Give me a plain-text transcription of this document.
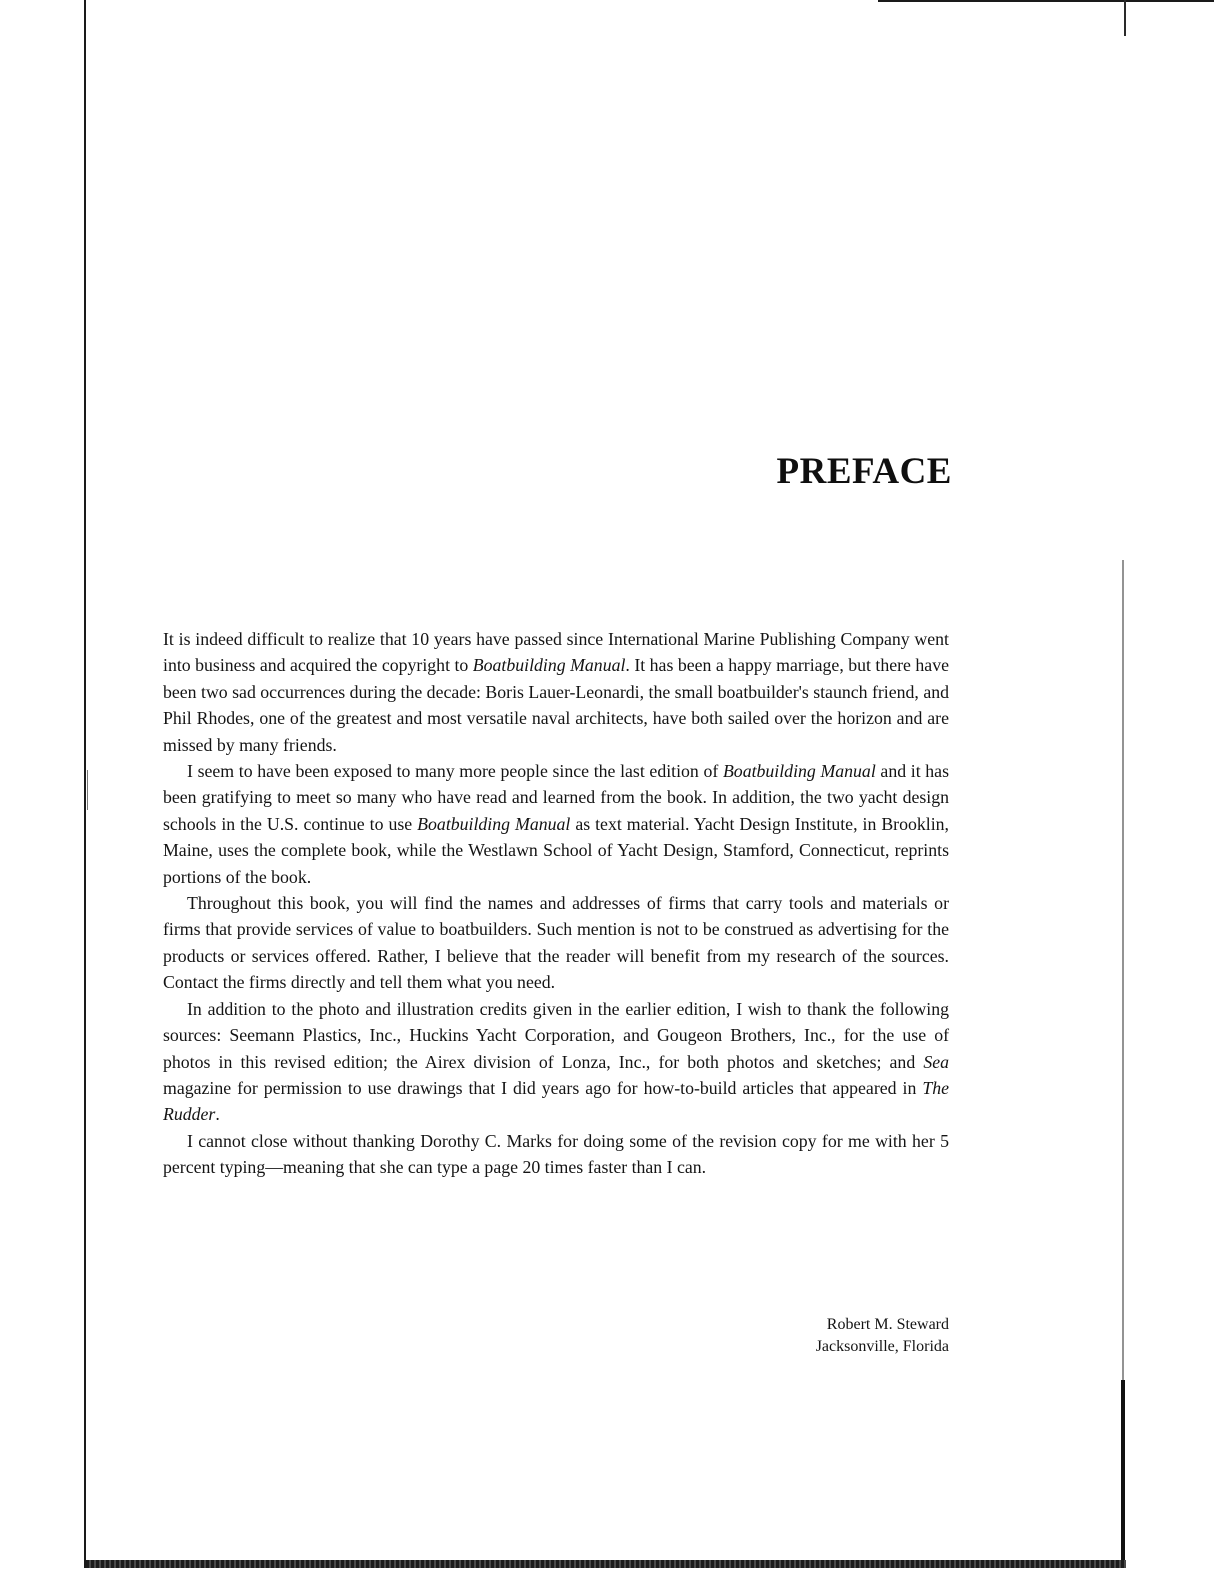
PREFACE

It is indeed difficult to realize that 10 years have passed since International Marine Publishing Company went into business and acquired the copyright to Boatbuilding Manual. It has been a happy marriage, but there have been two sad occurrences during the decade: Boris Lauer-Leonardi, the small boatbuilder's staunch friend, and Phil Rhodes, one of the greatest and most versatile naval architects, have both sailed over the horizon and are missed by many friends.

I seem to have been exposed to many more people since the last edition of Boatbuilding Manual and it has been gratifying to meet so many who have read and learned from the book. In addition, the two yacht design schools in the U.S. continue to use Boatbuilding Manual as text material. Yacht Design Institute, in Brooklin, Maine, uses the complete book, while the Westlawn School of Yacht Design, Stamford, Connecticut, reprints portions of the book.

Throughout this book, you will find the names and addresses of firms that carry tools and materials or firms that provide services of value to boatbuilders. Such mention is not to be construed as advertising for the products or services offered. Rather, I believe that the reader will benefit from my research of the sources. Contact the firms directly and tell them what you need.

In addition to the photo and illustration credits given in the earlier edition, I wish to thank the following sources: Seemann Plastics, Inc., Huckins Yacht Corporation, and Gougeon Brothers, Inc., for the use of photos in this revised edition; the Airex division of Lonza, Inc., for both photos and sketches; and Sea magazine for permission to use drawings that I did years ago for how-to-build articles that appeared in The Rudder.

I cannot close without thanking Dorothy C. Marks for doing some of the revision copy for me with her 5 percent typing—meaning that she can type a page 20 times faster than I can.

Robert M. Steward
Jacksonville, Florida
